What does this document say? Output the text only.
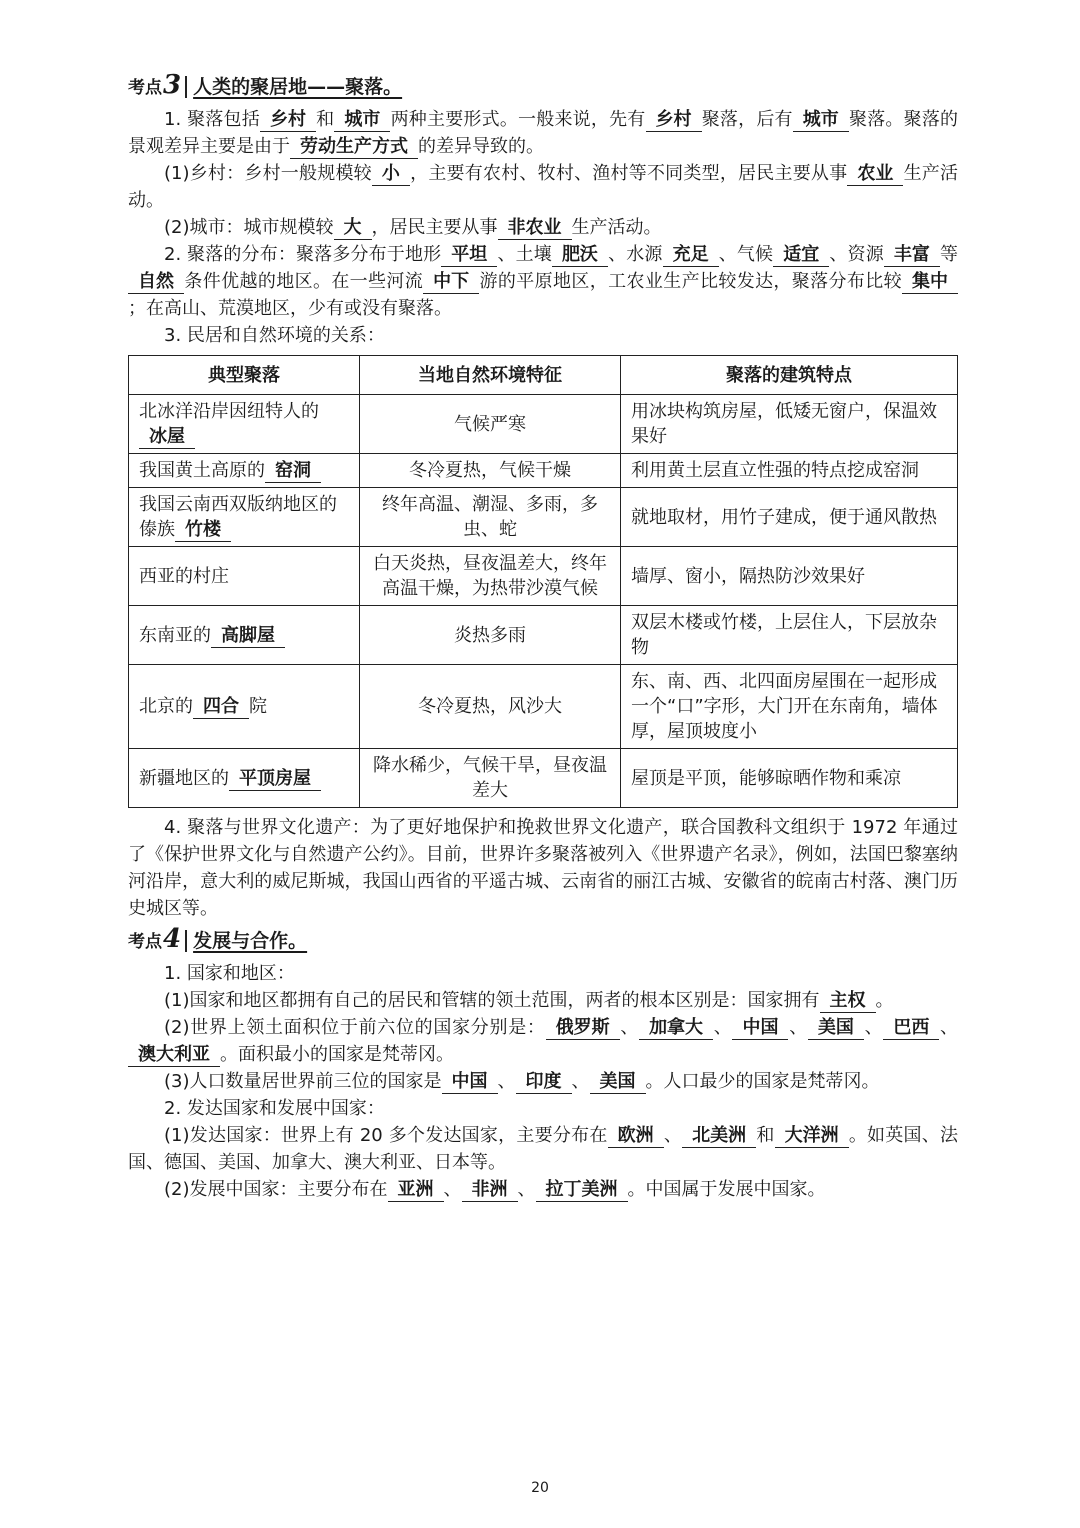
考点 3 人类的聚居地——聚落。

1. 聚落包括 乡村 和 城市 两种主要形式。一般来说，先有 乡村 聚落，后有 城市 聚落。聚落的景观差异主要是由于 劳动生产方式 的差异导致的。

(1)乡村：乡村一般规模较 小 ，主要有农村、牧村、渔村等不同类型，居民主要从事 农业 生产活动。

(2)城市：城市规模较 大 ，居民主要从事 非农业 生产活动。

2. 聚落的分布：聚落多分布于地形 平坦 、土壤 肥沃 、水源 充足 、气候 适宜 、资源 丰富 等自然 条件优越的地区。在一些河流 中下 游的平原地区，工农业生产比较发达，聚落分布比较 集中；在高山、荒漠地区，少有或没有聚落。

3. 民居和自然环境的关系：

典型聚落	当地自然环境特征	聚落的建筑特点
北冰洋沿岸因纽特人的冰屋	气候严寒	用冰块构筑房屋，低矮无窗户，保温效果好
我国黄土高原的 窑洞	冬冷夏热，气候干燥	利用黄土层直立性强的特点挖成窑洞
我国云南西双版纳地区的傣族 竹楼	终年高温、潮湿、多雨，多虫、蛇	就地取材，用竹子建成，便于通风散热
西亚的村庄	白天炎热，昼夜温差大，终年高温干燥，为热带沙漠气候	墙厚、窗小，隔热防沙效果好
东南亚的 高脚屋	炎热多雨	双层木楼或竹楼，上层住人，下层放杂物
北京的 四合 院	冬冷夏热，风沙大	东、南、西、北四面房屋围在一起形成一个“口”字形，大门开在东南角，墙体厚，屋顶坡度小
新疆地区的 平顶房屋	降水稀少，气候干旱，昼夜温差大	屋顶是平顶，能够晾晒作物和乘凉

4. 聚落与世界文化遗产：为了更好地保护和挽救世界文化遗产，联合国教科文组织于 1972 年通过了《保护世界文化与自然遗产公约》。目前，世界许多聚落被列入《世界遗产名录》，例如，法国巴黎塞纳河沿岸，意大利的威尼斯城，我国山西省的平遥古城、云南省的丽江古城、安徽省的皖南古村落、澳门历史城区等。

考点 4 发展与合作。

1. 国家和地区：

(1)国家和地区都拥有自己的居民和管辖的领土范围，两者的根本区别是：国家拥有 主权 。

(2)世界上领土面积位于前六位的国家分别是： 俄罗斯 、 加拿大 、 中国 、 美国 、 巴西 、澳大利亚 。面积最小的国家是梵蒂冈。

(3)人口数量居世界前三位的国家是 中国 、 印度 、 美国 。人口最少的国家是梵蒂冈。

2. 发达国家和发展中国家：

(1)发达国家：世界上有 20 多个发达国家，主要分布在 欧洲 、 北美洲 和 大洋洲 。如英国、法国、德国、美国、加拿大、澳大利亚、日本等。

(2)发展中国家：主要分布在 亚洲 、 非洲 、 拉丁美洲 。中国属于发展中国家。

20
